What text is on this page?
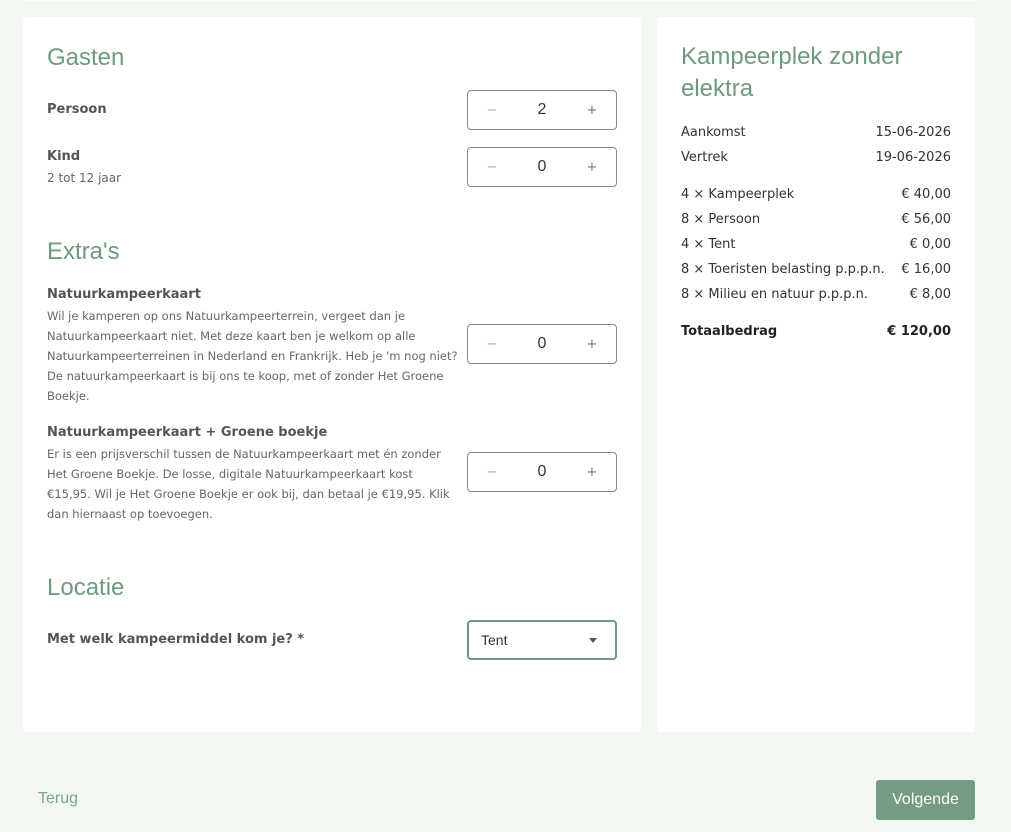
Gasten
Persoon	−	2	+
Kind
2 tot 12 jaar
−	0	+
Extra's
Natuurkampeerkaart
Wil je kamperen op ons Natuurkampeerterrein, vergeet dan je Natuurkampeerkaart niet. Met deze kaart ben je welkom op alle Natuurkampeerterreinen in Nederland en Frankrijk. Heb je 'm nog niet? De natuurkampeerkaart is bij ons te koop, met of zonder Het Groene Boekje.
−	0	+
Natuurkampeerkaart + Groene boekje
Er is een prijsverschil tussen de Natuurkampeerkaart met én zonder Het Groene Boekje. De losse, digitale Natuurkampeerkaart kost €15,95. Wil je Het Groene Boekje er ook bij, dan betaal je €19,95. Klik dan hiernaast op toevoegen.
−	0	+
Locatie
Met welk kampeermiddel kom je? *	Tent
Kampeerplek zonder elektra
Aankomst	15-06-2026
Vertrek	19-06-2026
4 × Kampeerplek	€ 40,00
8 × Persoon	€ 56,00
4 × Tent	€ 0,00
8 × Toeristen belasting p.p.p.n. € 16,00
8 × Milieu en natuur p.p.p.n.	€ 8,00
Totaalbedrag	€ 120,00
Terug	Volgende
